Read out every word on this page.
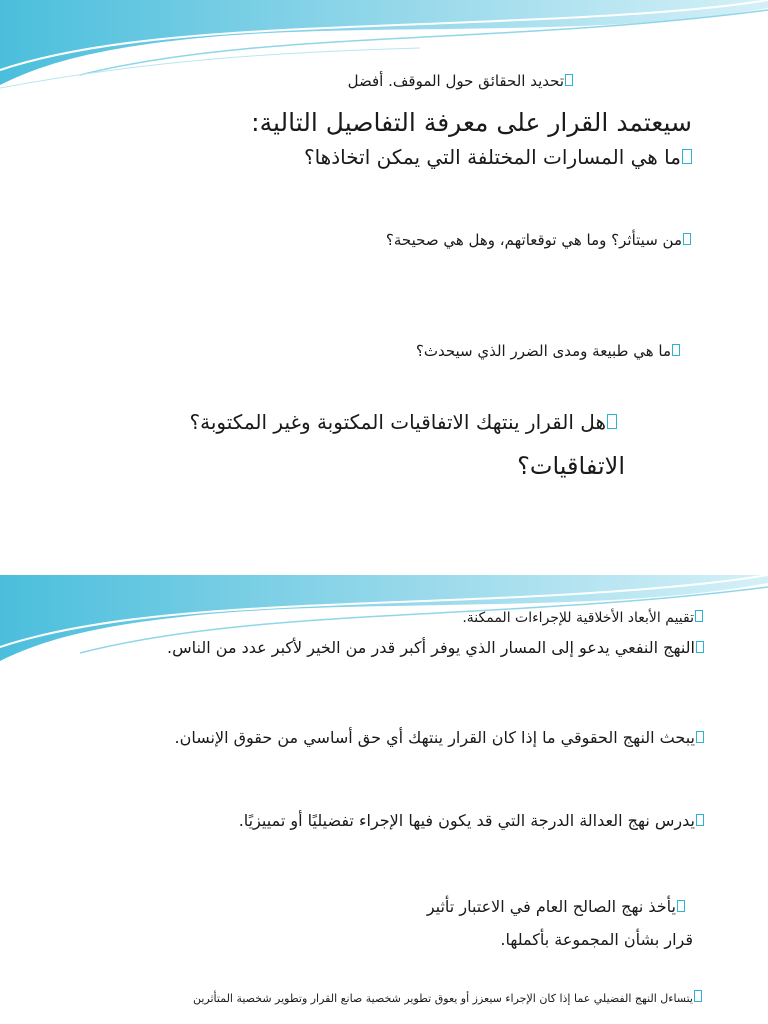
تحديد الحقائق حول الموقف. أفضل
سيعتمد القرار على معرفة التفاصيل التالية:
ما هي المسارات المختلفة التي يمكن اتخاذها؟
من سيتأثر؟ وما هي توقعاتهم، وهل هي صحيحة؟
ما هي طبيعة ومدى الضرر الذي سيحدث؟
هل القرار ينتهك الاتفاقيات المكتوبة وغير المكتوبة؟
الاتفاقيات؟
تقييم الأبعاد الأخلاقية للإجراءات الممكنة.
النهج النفعي يدعو إلى المسار الذي يوفر أكبر قدر من الخير لأكبر عدد من الناس.
يبحث النهج الحقوقي ما إذا كان القرار ينتهك أي حق أساسي من حقوق الإنسان.
يدرس نهج العدالة الدرجة التي قد يكون فيها الإجراء تفضيليًا أو تمييزيًا.
يأخذ نهج الصالح العام في الاعتبار تأثير
قرار بشأن المجموعة بأكملها.
يتساءل النهج الفضيلي عما إذا كان الإجراء سيعزز أو يعوق تطوير شخصية صانع القرار وتطوير شخصية المتأثرين
